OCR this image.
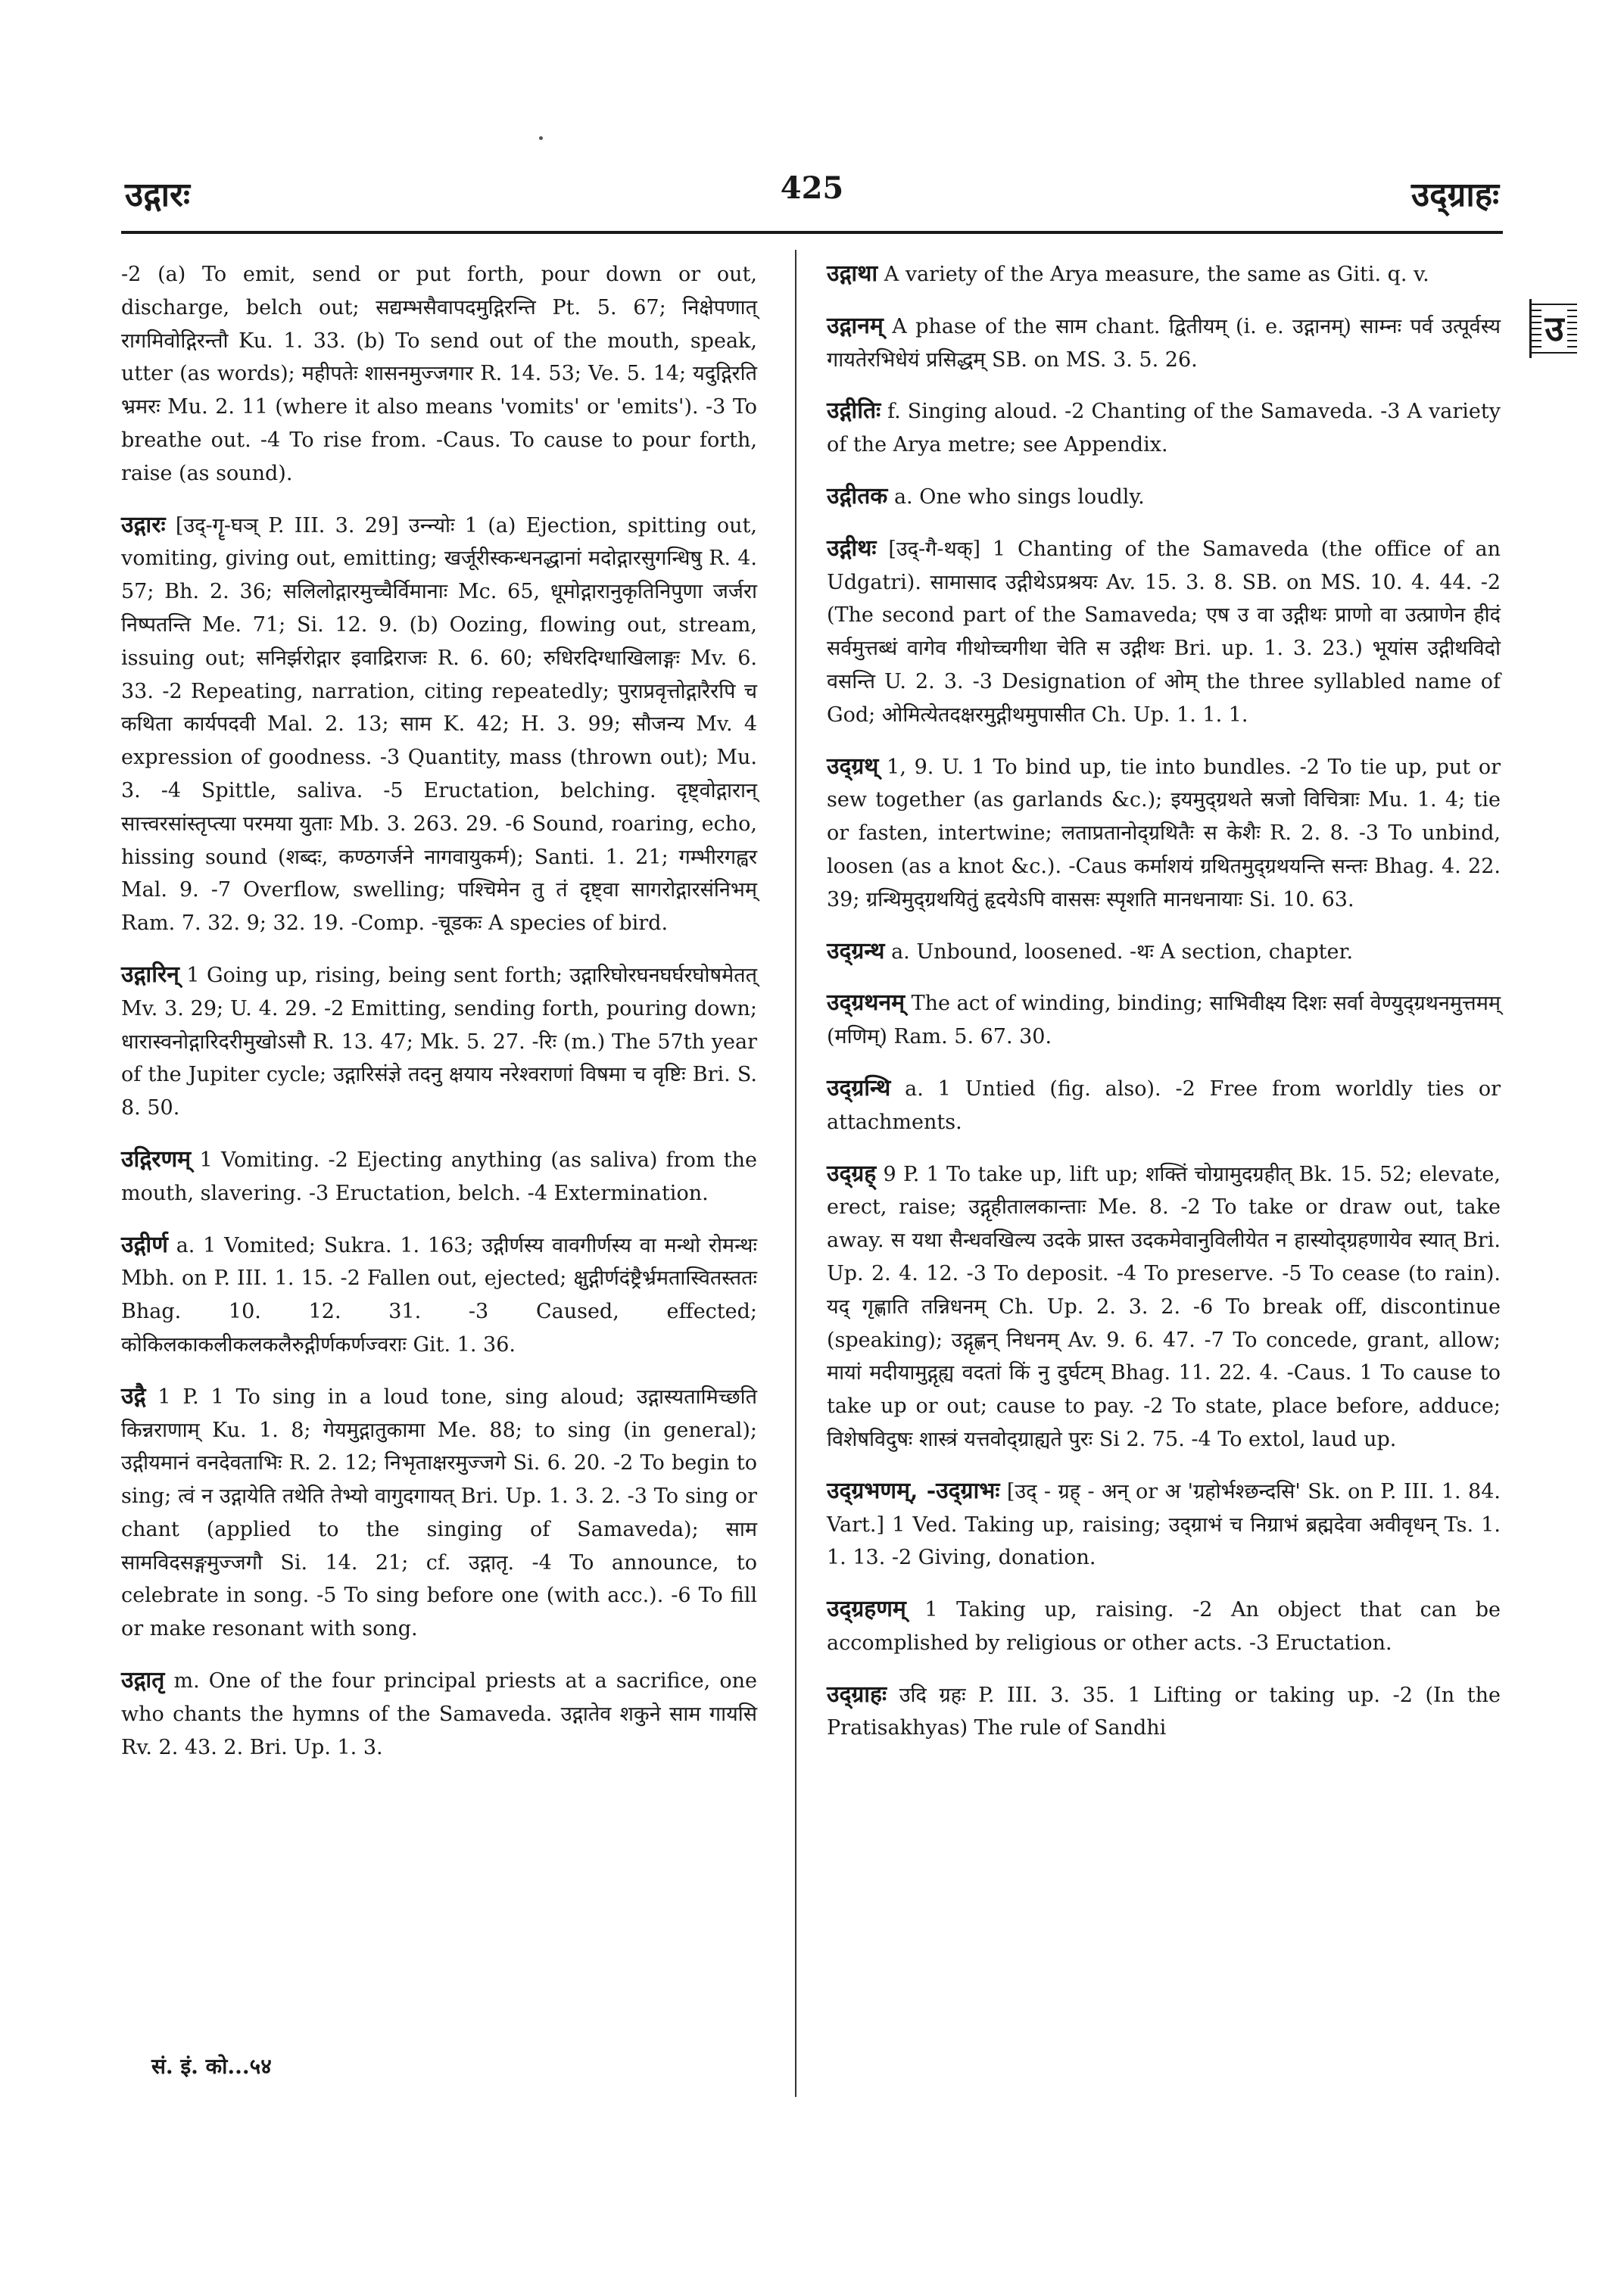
उद्गारः	425	उद्ग्राहः
उ

-2 (a) To emit, send or put forth, pour down or out, discharge, belch out; सद्यम्भसैवापदमुद्गिरन्ति Pt. 5. 67; निक्षेपणात् रागमिवोद्गिरन्तौ Ku. 1. 33. (b) To send out of the mouth, speak, utter (as words); महीपतेः शासनमुज्जगार R. 14. 53; Ve. 5. 14; यदुद्गिरति भ्रमरः Mu. 2. 11 (where it also means 'vomits' or 'emits'). -3 To breathe out. -4 To rise from. -Caus. To cause to pour forth, raise (as sound).

उद्गारः [उद्-गॄ-घञ् P. III. 3. 29] उन्न्योः 1 (a) Ejection, spitting out, vomiting, giving out, emitting; खर्जूरीस्कन्धनद्धानां मदोद्गारसुगन्धिषु R. 4. 57; Bh. 2. 36; सलिलोद्गारमुच्चैर्विमानाः Mc. 65, धूमोद्गारानुकृतिनिपुणा जर्जरा निष्पतन्ति Me. 71; Si. 12. 9. (b) Oozing, flowing out, stream, issuing out; सनिर्झरोद्गार इवाद्रिराजः R. 6. 60; रुधिरदिग्धाखिलाङ्गः Mv. 6. 33. -2 Repeating, narration, citing repeatedly; पुराप्रवृत्तोद्गारैरपि च कथिता कार्यपदवी Mal. 2. 13; साम K. 42; H. 3. 99; सौजन्य Mv. 4 expression of goodness. -3 Quantity, mass (thrown out); Mu. 3. -4 Spittle, saliva. -5 Eructation, belching. दृष्ट्वोद्गारान् सात्त्वरसांस्तृप्त्या परमया युताः Mb. 3. 263. 29. -6 Sound, roaring, echo, hissing sound (शब्दः, कण्ठगर्जने नागवायुकर्म); Santi. 1. 21; गम्भीरगह्वर Mal. 9. -7 Overflow, swelling; पश्चिमेन तु तं दृष्ट्वा सागरोद्गारसंनिभम् Ram. 7. 32. 9; 32. 19. -Comp. -चूडकः A species of bird.

उद्गारिन् 1 Going up, rising, being sent forth; उद्गारिघोरघनघर्घरघोषमेतत् Mv. 3. 29; U. 4. 29. -2 Emitting, sending forth, pouring down; धारास्वनोद्गारिदरीमुखोऽसौ R. 13. 47; Mk. 5. 27. -रिः (m.) The 57th year of the Jupiter cycle; उद्गारिसंज्ञे तदनु क्षयाय नरेश्वराणां विषमा च वृष्टिः Bri. S. 8. 50.

उद्गिरणम् 1 Vomiting. -2 Ejecting anything (as saliva) from the mouth, slavering. -3 Eructation, belch. -4 Extermination.

उद्गीर्ण a. 1 Vomited; Sukra. 1. 163; उद्गीर्णस्य वावगीर्णस्य वा मन्थो रोमन्थः Mbh. on P. III. 1. 15. -2 Fallen out, ejected; क्षुद्गीर्णदंष्ट्रैर्भ्रमतास्वितस्ततः Bhag. 10. 12. 31. -3 Caused, effected; कोकिलकाकलीकलकलैरुद्गीर्णकर्णज्वराः Git. 1. 36.

उद्गै 1 P. 1 To sing in a loud tone, sing aloud; उद्गास्यतामिच्छति किन्नराणाम् Ku. 1. 8; गेयमुद्गातुकामा Me. 88; to sing (in general); उद्गीयमानं वनदेवताभिः R. 2. 12; निभृताक्षरमुज्जगे Si. 6. 20. -2 To begin to sing; त्वं न उद्गायेति तथेति तेभ्यो वागुदगायत् Bri. Up. 1. 3. 2. -3 To sing or chant (applied to the singing of Samaveda); साम सामविदसङ्गमुज्जगौ Si. 14. 21; cf. उद्गातृ. -4 To announce, to celebrate in song. -5 To sing before one (with acc.). -6 To fill or make resonant with song.

उद्गातृ m. One of the four principal priests at a sacrifice, one who chants the hymns of the Samaveda. उद्गातेव शकुने साम गायसि Rv. 2. 43. 2. Bri. Up. 1. 3.

उद्गाथा A variety of the Arya measure, the same as Giti. q. v.

उद्गानम् A phase of the साम chant. द्वितीयम् (i. e. उद्गानम्) साम्नः पर्व उत्पूर्वस्य गायतेरभिधेयं प्रसिद्धम् SB. on MS. 3. 5. 26.

उद्गीतिः f. Singing aloud. -2 Chanting of the Samaveda. -3 A variety of the Arya metre; see Appendix.

उद्गीतक a. One who sings loudly.

उद्गीथः [उद्-गै-थक्] 1 Chanting of the Samaveda (the office of an Udgatri). सामासाद उद्गीथेऽप्रश्रयः Av. 15. 3. 8. SB. on MS. 10. 4. 44. -2 (The second part of the Samaveda; एष उ वा उद्गीथः प्राणो वा उत्प्राणेन हीदं सर्वमुत्तब्धं वागेव गीथोच्चगीथा चेति स उद्गीथः Bri. up. 1. 3. 23.) भूयांस उद्गीथविदो वसन्ति U. 2. 3. -3 Designation of ओम् the three syllabled name of God; ओमित्येतदक्षरमुद्गीथमुपासीत Ch. Up. 1. 1. 1.

उद्ग्रथ् 1, 9. U. 1 To bind up, tie into bundles. -2 To tie up, put or sew together (as garlands &c.); इयमुद्ग्रथते स्रजो विचित्राः Mu. 1. 4; tie or fasten, intertwine; लताप्रतानोद्ग्रथितैः स केशैः R. 2. 8. -3 To unbind, loosen (as a knot &c.). -Caus कर्माशयं ग्रथितमुद्ग्रथयन्ति सन्तः Bhag. 4. 22. 39; ग्रन्थिमुद्ग्रथयितुं हृदयेऽपि वाससः स्पृशति मानधनायाः Si. 10. 63.

उद्ग्रन्थ a. Unbound, loosened. -थः A section, chapter.

उद्ग्रथनम् The act of winding, binding; साभिवीक्ष्य दिशः सर्वा वेण्युद्ग्रथनमुत्तमम् (मणिम्) Ram. 5. 67. 30.

उद्ग्रन्थि a. 1 Untied (fig. also). -2 Free from worldly ties or attachments.

उद्ग्रह् 9 P. 1 To take up, lift up; शक्तिं चोग्रामुदग्रहीत् Bk. 15. 52; elevate, erect, raise; उद्गृहीतालकान्ताः Me. 8. -2 To take or draw out, take away. स यथा सैन्धवखिल्य उदके प्रास्त उदकमेवानुविलीयेत न हास्योद्ग्रहणायेव स्यात् Bri. Up. 2. 4. 12. -3 To deposit. -4 To preserve. -5 To cease (to rain). यद् गृह्णाति तन्निधनम् Ch. Up. 2. 3. 2. -6 To break off, discontinue (speaking); उद्गृह्णन् निधनम् Av. 9. 6. 47. -7 To concede, grant, allow; मायां मदीयामुद्गृह्य वदतां किं नु दुर्घटम् Bhag. 11. 22. 4. -Caus. 1 To cause to take up or out; cause to pay. -2 To state, place before, adduce; विशेषविदुषः शास्त्रं यत्तवोद्ग्राह्यते पुरः Si 2. 75. -4 To extol, laud up.

उद्ग्रभणम्, -उद्ग्राभः [उद् - ग्रह् - अन् or अ 'ग्रहोर्भश्छन्दसि' Sk. on P. III. 1. 84. Vart.] 1 Ved. Taking up, raising; उद्ग्राभं च निग्राभं ब्रह्मदेवा अवीवृधन् Ts. 1. 1. 13. -2 Giving, donation.

उद्ग्रहणम् 1 Taking up, raising. -2 An object that can be accomplished by religious or other acts. -3 Eructation.

उद्ग्राहः उदि ग्रहः P. III. 3. 35. 1 Lifting or taking up. -2 (In the Pratisakhyas) The rule of Sandhi

सं. इं. को...५४
